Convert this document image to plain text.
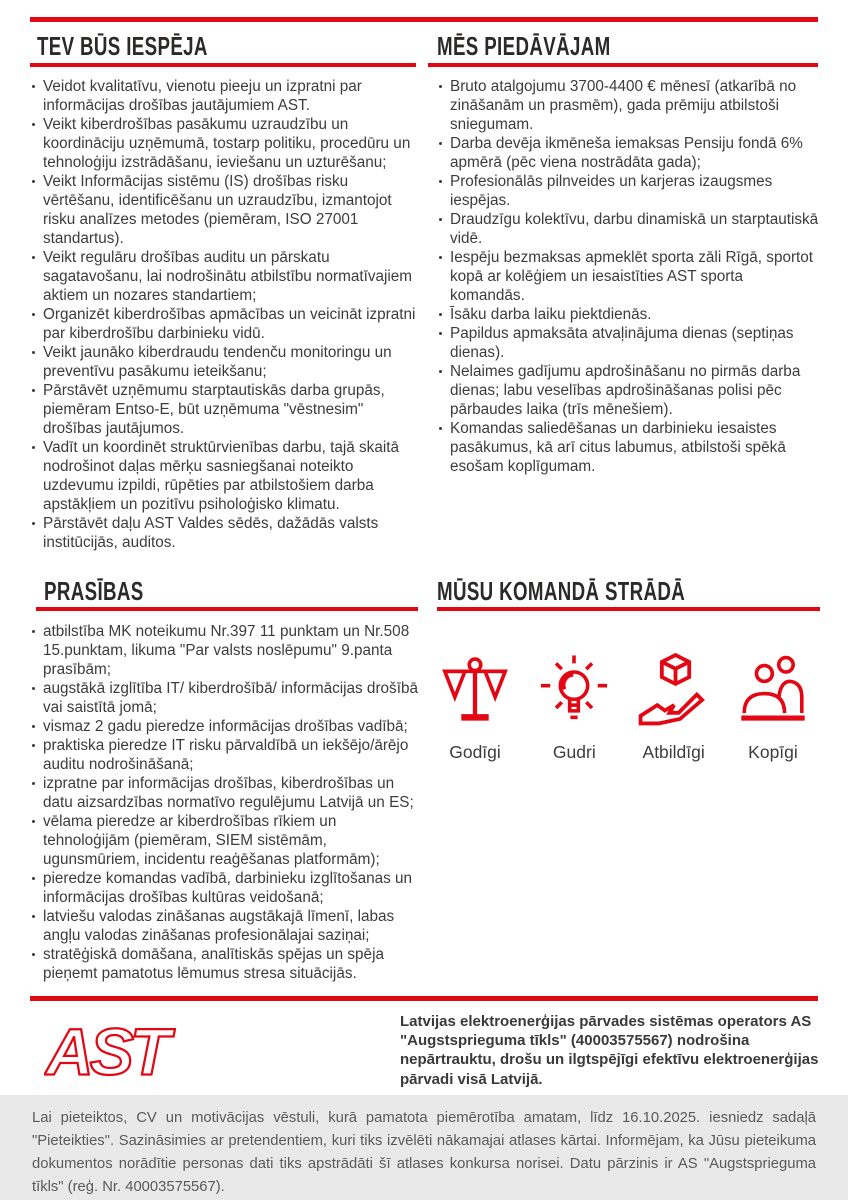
TEV BŪS IESPĒJA
Veidot kvalitatīvu, vienotu pieeju un izpratni par informācijas drošības jautājumiem AST.
Veikt kiberdrošības pasākumu uzraudzību un koordināciju uzņēmumā, tostarp politiku, procedūru un tehnoloģiju izstrādāšanu, ieviešanu un uzturēšanu;
Veikt Informācijas sistēmu (IS) drošības risku vērtēšanu, identificēšanu un uzraudzību, izmantojot risku analīzes metodes (piemēram, ISO 27001 standartus).
Veikt regulāru drošības auditu un pārskatu sagatavošanu, lai nodrošinātu atbilstību normatīvajiem aktiem un nozares standartiem;
Organizēt kiberdrošības apmācības un veicināt izpratni par kiberdrošību darbinieku vidū.
Veikt jaunāko kiberdraudu tendenču monitoringu un preventīvu pasākumu ieteikšanu;
Pārstāvēt uzņēmumu starptautiskās darba grupās, piemēram Entso-E, būt uzņēmuma "vēstnesim" drošības jautājumos.
Vadīt un koordinēt struktūrvienības darbu, tajā skaitā nodrošinot daļas mērķu sasniegšanai noteikto uzdevumu izpildi, rūpēties par atbilstošiem darba apstākļiem un pozitīvu psiholoģisko klimatu.
Pārstāvēt daļu AST Valdes sēdēs, dažādās valsts institūcijās, auditos.
MĒS PIEDĀVĀJAM
Bruto atalgojumu 3700-4400 € mēnesī (atkarībā no zināšanām un prasmēm), gada prēmiju atbilstoši sniegumam.
Darba devēja ikmēneša iemaksas Pensiju fondā 6% apmērā (pēc viena nostrādāta gada);
Profesionālās pilnveides un karjeras izaugsmes iespējas.
Draudzīgu kolektīvu, darbu dinamiskā un starptautiskā vidē.
Iespēju bezmaksas apmeklēt sporta zāli Rīgā, sportot kopā ar kolēģiem un iesaistīties AST sporta komandās.
Īsāku darba laiku piektdienās.
Papildus apmaksāta atvaļinājuma dienas (septiņas dienas).
Nelaimes gadījumu apdrošināšanu no pirmās darba dienas; labu veselības apdrošināšanas polisi pēc pārbaudes laika (trīs mēnešiem).
Komandas saliedēšanas un darbinieku iesaistes pasākumus, kā arī citus labumus, atbilstoši spēkā esošam koplīgumam.
PRASĪBAS
atbilstība MK noteikumu Nr.397 11 punktam un Nr.508 15.punktam, likuma "Par valsts noslēpumu" 9.panta prasībām;
augstākā izglītība IT/ kiberdrošībā/ informācijas drošībā vai saistītā jomā;
vismaz 2 gadu pieredze informācijas drošības vadībā;
praktiska pieredze IT risku pārvaldībā un iekšējo/ārējo auditu nodrošināšanā;
izpratne par informācijas drošības, kiberdrošības un datu aizsardzības normatīvo regulējumu Latvijā un ES;
vēlama pieredze ar kiberdrošības rīkiem un tehnoloģijām (piemēram, SIEM sistēmām, ugunsmūriem, incidentu reaģēšanas platformām);
pieredze komandas vadībā, darbinieku izglītošanas un informācijas drošības kultūras veidošanā;
latviešu valodas zināšanas augstākajā līmenī, labas angļu valodas zināšanas profesionālajai saziņai;
stratēģiskā domāšana, analītiskās spējas un spēja pieņemt pamatotus lēmumus stresa situācijās.
MŪSU KOMANDĀ STRĀDĀ
Godīgi	Gudri	Atbildīgi	Kopīgi
AST	Latvijas elektroenerģijas pārvades sistēmas operators AS "Augstsprieguma tīkls" (40003575567) nodrošina nepārtrauktu, drošu un ilgtspējīgi efektīvu elektroenerģijas pārvadi visā Latvijā.
Lai pieteiktos, CV un motivācijas vēstuli, kurā pamatota piemērotība amatam, līdz 16.10.2025. iesniedz sadaļā "Pieteikties". Sazināsimies ar pretendentiem, kuri tiks izvēlēti nākamajai atlases kārtai. Informējam, ka Jūsu pieteikuma dokumentos norādītie personas dati tiks apstrādāti šī atlases konkursa norisei. Datu pārzinis ir AS "Augstsprieguma tīkls" (reģ. Nr. 40003575567).
